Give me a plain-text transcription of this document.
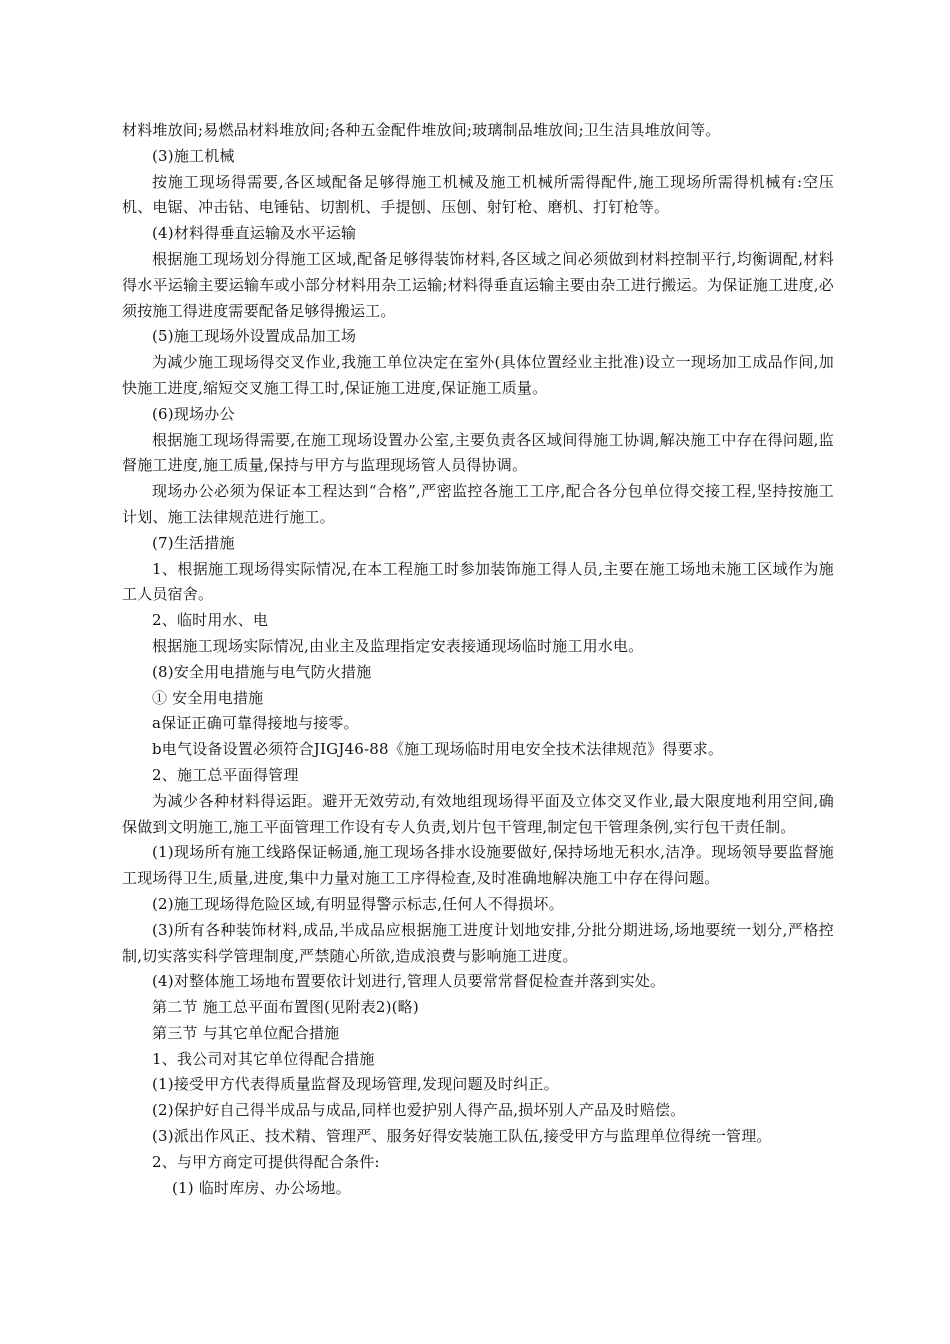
材料堆放间;易燃品材料堆放间;各种五金配件堆放间;玻璃制品堆放间;卫生洁具堆放间等。

(3)施工机械

按施工现场得需要,各区域配备足够得施工机械及施工机械所需得配件,施工现场所需得机械有:空压机、电锯、冲击钻、电锤钻、切割机、手提刨、压刨、射钉枪、磨机、打钉枪等。

(4)材料得垂直运输及水平运输

根据施工现场划分得施工区域,配备足够得装饰材料,各区域之间必须做到材料控制平行,均衡调配,材料得水平运输主要运输车或小部分材料用杂工运输;材料得垂直运输主要由杂工进行搬运。为保证施工进度,必须按施工得进度需要配备足够得搬运工。

(5)施工现场外设置成品加工场

为减少施工现场得交叉作业,我施工单位决定在室外(具体位置经业主批准)设立一现场加工成品作间,加快施工进度,缩短交叉施工得工时,保证施工进度,保证施工质量。

(6)现场办公

根据施工现场得需要,在施工现场设置办公室,主要负责各区域间得施工协调,解决施工中存在得问题,监督施工进度,施工质量,保持与甲方与监理现场管人员得协调。

现场办公必须为保证本工程达到“合格”,严密监控各施工工序,配合各分包单位得交接工程,坚持按施工计划、施工法律规范进行施工。

(7)生活措施

1、根据施工现场得实际情况,在本工程施工时参加装饰施工得人员,主要在施工场地未施工区域作为施工人员宿舍。

2、临时用水、电

根据施工现场实际情况,由业主及监理指定安表接通现场临时施工用水电。

(8)安全用电措施与电气防火措施

① 安全用电措施

a保证正确可靠得接地与接零。

b电气设备设置必须符合JIGJ46-88《施工现场临时用电安全技术法律规范》得要求。

2、施工总平面得管理

为减少各种材料得运距。避开无效劳动,有效地组现场得平面及立体交叉作业,最大限度地利用空间,确保做到文明施工,施工平面管理工作设有专人负责,划片包干管理,制定包干管理条例,实行包干责任制。

(1)现场所有施工线路保证畅通,施工现场各排水设施要做好,保持场地无积水,洁净。现场领导要监督施工现场得卫生,质量,进度,集中力量对施工工序得检查,及时准确地解决施工中存在得问题。

(2)施工现场得危险区域,有明显得警示标志,任何人不得损坏。

(3)所有各种装饰材料,成品,半成品应根据施工进度计划地安排,分批分期进场,场地要统一划分,严格控制,切实落实科学管理制度,严禁随心所欲,造成浪费与影响施工进度。

(4)对整体施工场地布置要依计划进行,管理人员要常常督促检查并落到实处。

第二节 施工总平面布置图(见附表2)(略)

第三节 与其它单位配合措施

1、我公司对其它单位得配合措施

(1)接受甲方代表得质量监督及现场管理,发现问题及时纠正。

(2)保护好自己得半成品与成品,同样也爱护别人得产品,损坏别人产品及时赔偿。

(3)派出作风正、技术精、管理严、服务好得安装施工队伍,接受甲方与监理单位得统一管理。

2、与甲方商定可提供得配合条件:

(1) 临时库房、办公场地。
